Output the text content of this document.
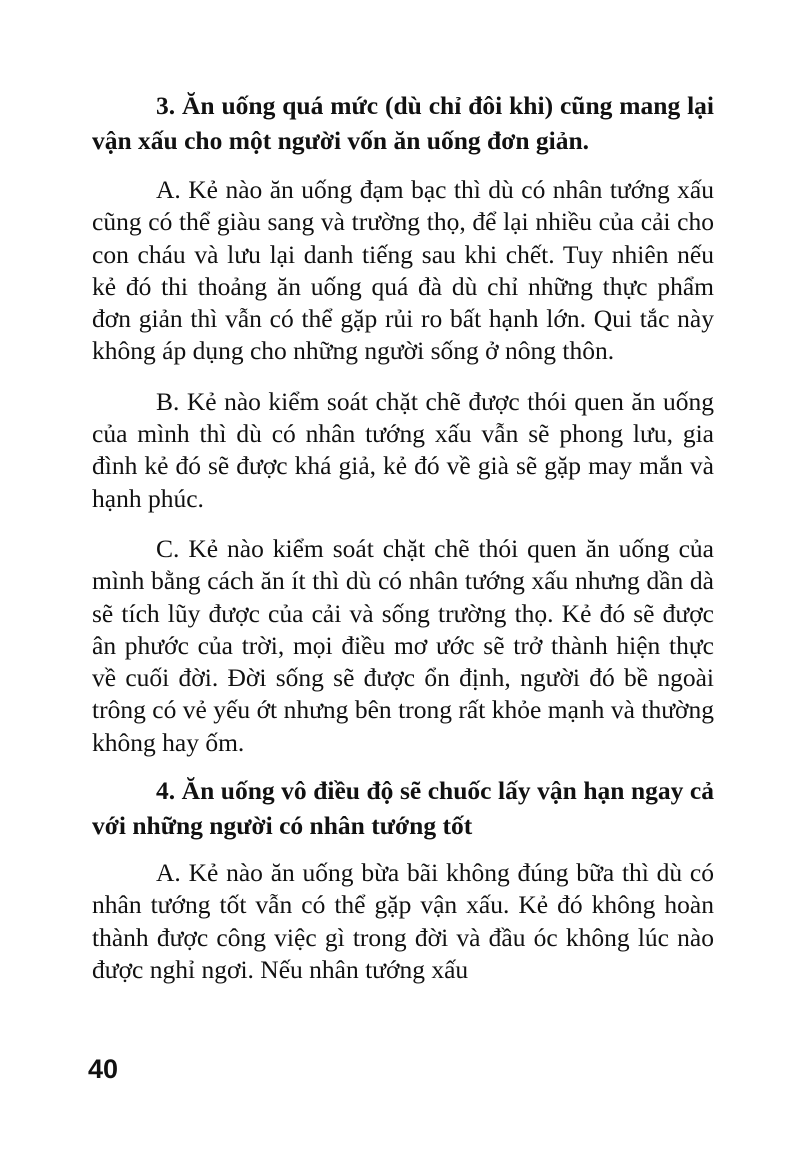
3. Ăn uống quá mức (dù chỉ đôi khi) cũng mang lại vận xấu cho một người vốn ăn uống đơn giản.

A. Kẻ nào ăn uống đạm bạc thì dù có nhân tướng xấu cũng có thể giàu sang và trường thọ, để lại nhiều của cải cho con cháu và lưu lại danh tiếng sau khi chết. Tuy nhiên nếu kẻ đó thi thoảng ăn uống quá đà dù chỉ những thực phẩm đơn giản thì vẫn có thể gặp rủi ro bất hạnh lớn. Qui tắc này không áp dụng cho những người sống ở nông thôn.

B. Kẻ nào kiểm soát chặt chẽ được thói quen ăn uống của mình thì dù có nhân tướng xấu vẫn sẽ phong lưu, gia đình kẻ đó sẽ được khá giả, kẻ đó về già sẽ gặp may mắn và hạnh phúc.

C. Kẻ nào kiểm soát chặt chẽ thói quen ăn uống của mình bằng cách ăn ít thì dù có nhân tướng xấu nhưng dần dà sẽ tích lũy được của cải và sống trường thọ. Kẻ đó sẽ được ân phước của trời, mọi điều mơ ước sẽ trở thành hiện thực về cuối đời. Đời sống sẽ được ổn định, người đó bề ngoài trông có vẻ yếu ớt nhưng bên trong rất khỏe mạnh và thường không hay ốm.

4. Ăn uống vô điều độ sẽ chuốc lấy vận hạn ngay cả với những người có nhân tướng tốt

A. Kẻ nào ăn uống bừa bãi không đúng bữa thì dù có nhân tướng tốt vẫn có thể gặp vận xấu. Kẻ đó không hoàn thành được công việc gì trong đời và đầu óc không lúc nào được nghỉ ngơi. Nếu nhân tướng xấu

40
